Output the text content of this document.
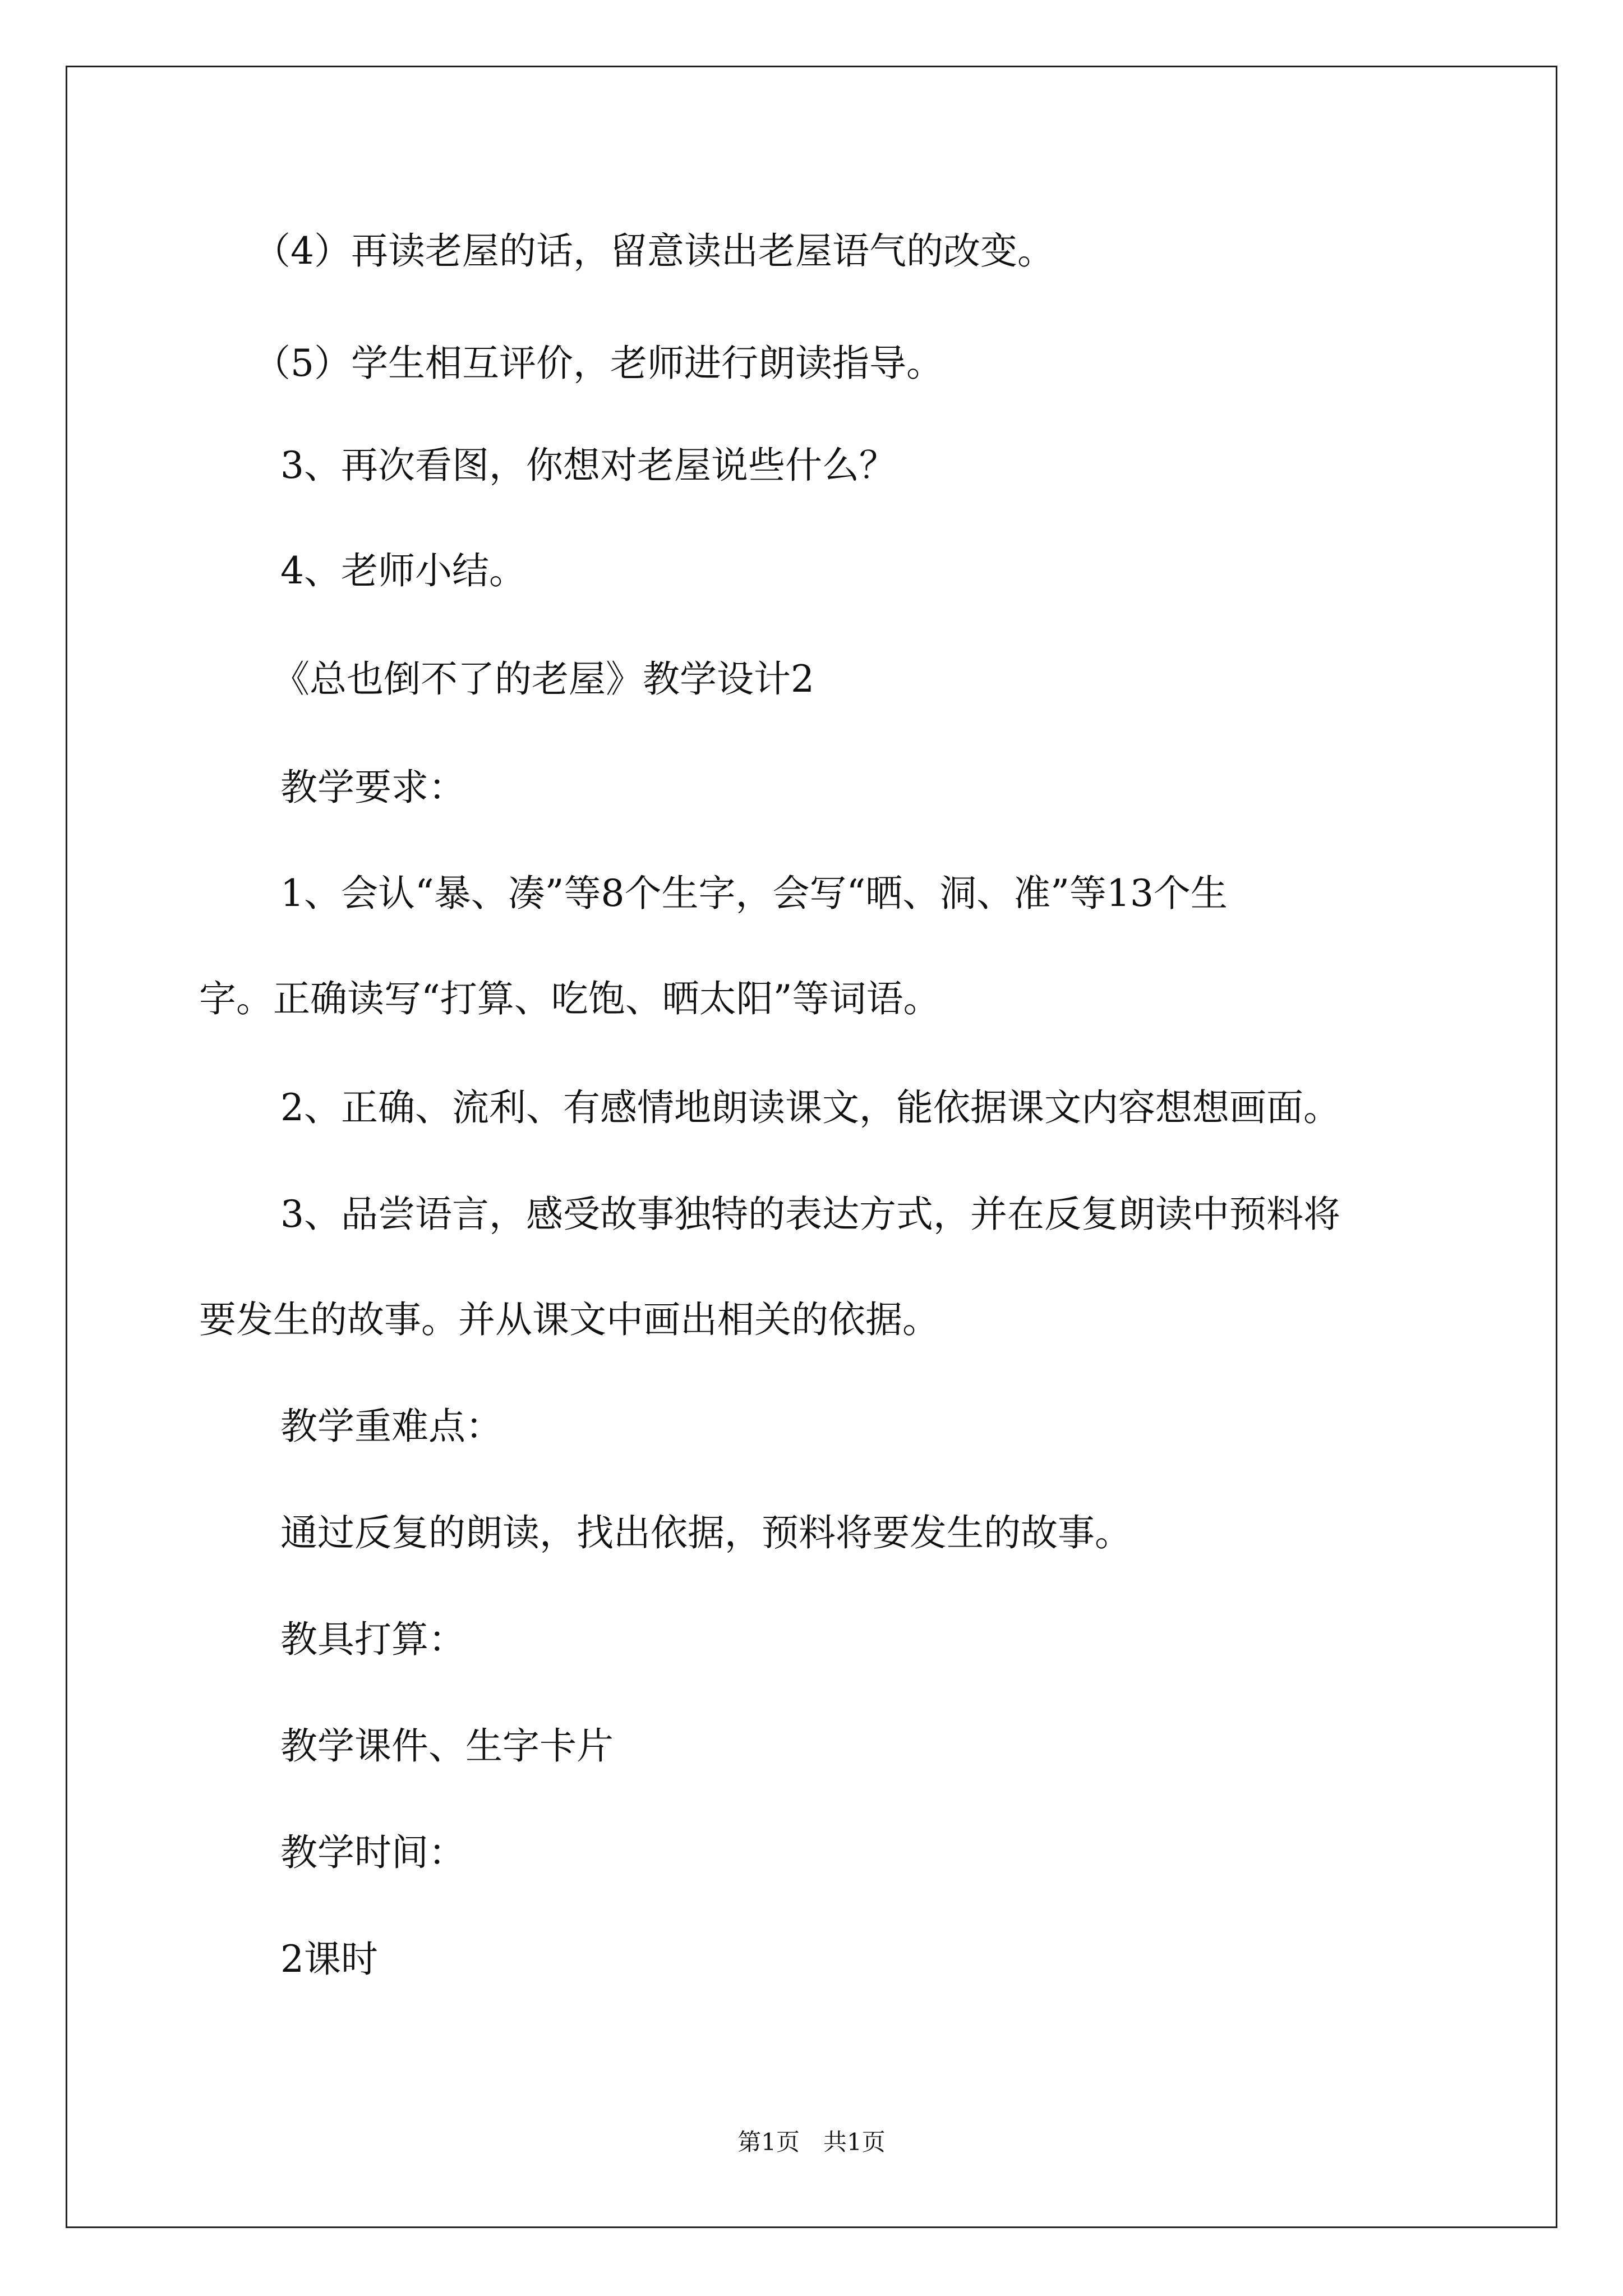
（4）再读老屋的话，留意读出老屋语气的改变。

（5）学生相互评价，老师进行朗读指导。

3、再次看图，你想对老屋说些什么？

4、老师小结。

《总也倒不了的老屋》教学设计2

教学要求：

1、会认“暴、凑”等8个生字，会写“晒、洞、准”等13个生

字。正确读写“打算、吃饱、晒太阳”等词语。

2、正确、流利、有感情地朗读课文，能依据课文内容想想画面。

3、品尝语言，感受故事独特的表达方式，并在反复朗读中预料将

要发生的故事。并从课文中画出相关的依据。

教学重难点：

通过反复的朗读，找出依据，预料将要发生的故事。

教具打算：

教学课件、生字卡片

教学时间：

2课时

第1页　共1页
